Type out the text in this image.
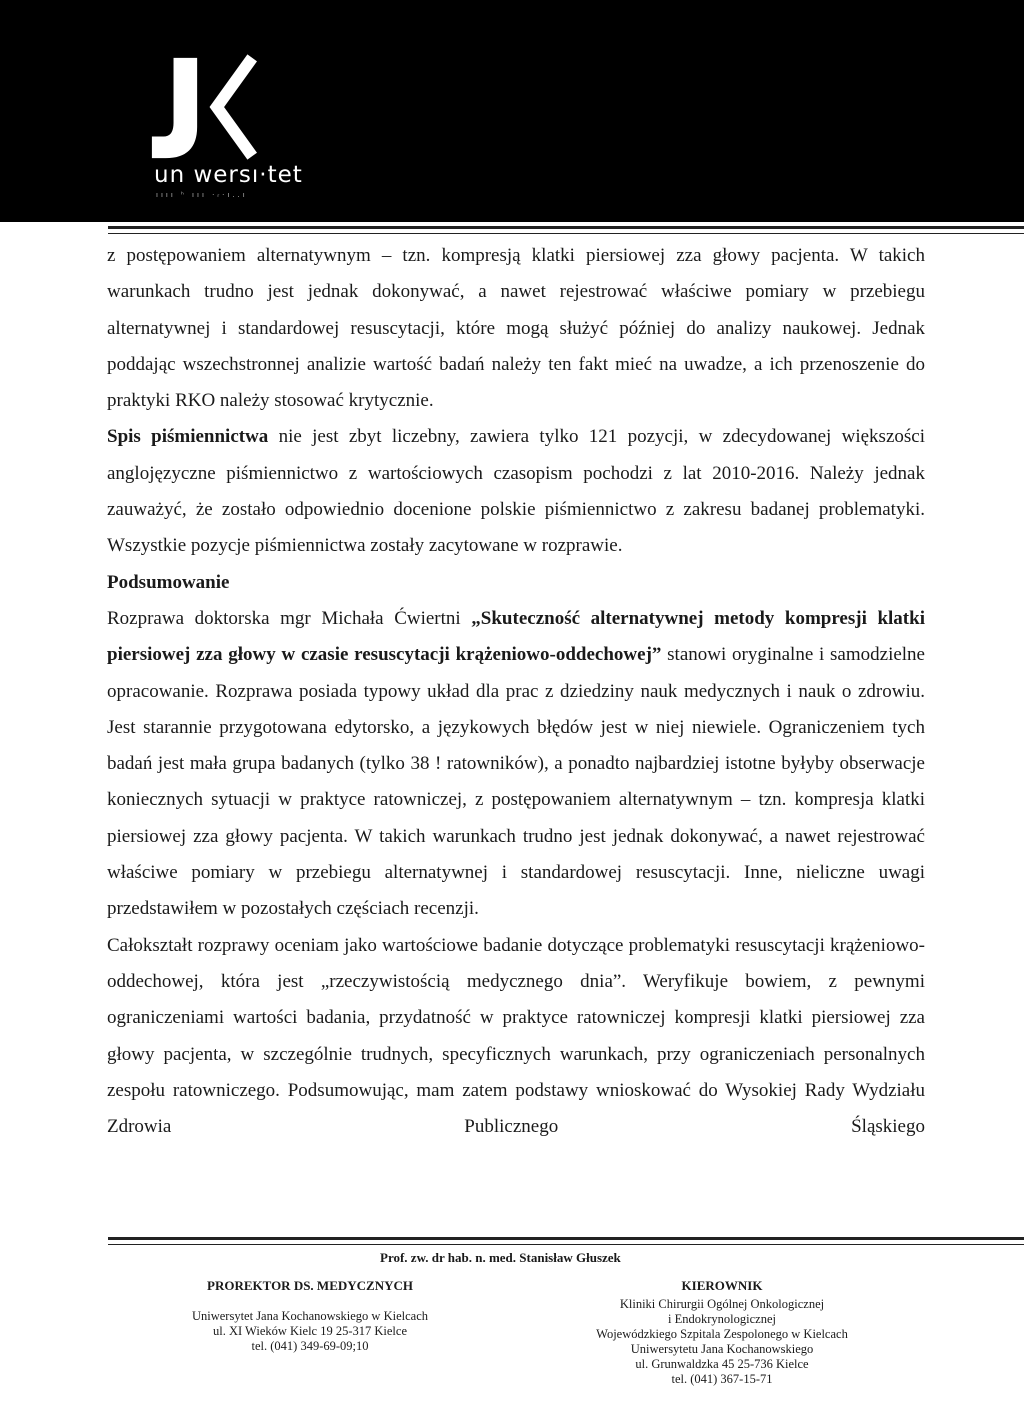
un wersı·tet
ıııı ʰ ııı ·ᵣ·ı..ı

z postępowaniem alternatywnym – tzn. kompresją klatki piersiowej zza głowy pacjenta. W takich warunkach trudno jest jednak dokonywać, a nawet rejestrować właściwe pomiary w przebiegu alternatywnej i standardowej resuscytacji, które mogą służyć później do analizy naukowej. Jednak poddając wszechstronnej analizie wartość badań należy ten fakt mieć na uwadze, a ich przenoszenie do praktyki RKO należy stosować krytycznie.

Spis piśmiennictwa nie jest zbyt liczebny, zawiera tylko 121 pozycji, w zdecydowanej większości anglojęzyczne piśmiennictwo z wartościowych czasopism pochodzi z lat 2010-2016. Należy jednak zauważyć, że zostało odpowiednio docenione polskie piśmiennictwo z zakresu badanej problematyki. Wszystkie pozycje piśmiennictwa zostały zacytowane w rozprawie.

Podsumowanie

Rozprawa doktorska mgr Michała Ćwiertni „Skuteczność alternatywnej metody kompresji klatki piersiowej zza głowy w czasie resuscytacji krążeniowo-oddechowej” stanowi oryginalne i samodzielne opracowanie. Rozprawa posiada typowy układ dla prac z dziedziny nauk medycznych i nauk o zdrowiu. Jest starannie przygotowana edytorsko, a językowych błędów jest w niej niewiele. Ograniczeniem tych badań jest mała grupa badanych (tylko 38 ! ratowników), a ponadto najbardziej istotne byłyby obserwacje koniecznych sytuacji w praktyce ratowniczej, z postępowaniem alternatywnym – tzn. kompresja klatki piersiowej zza głowy pacjenta. W takich warunkach trudno jest jednak dokonywać, a nawet rejestrować właściwe pomiary w przebiegu alternatywnej i standardowej resuscytacji. Inne, nieliczne uwagi przedstawiłem w pozostałych częściach recenzji.

Całokształt rozprawy oceniam jako wartościowe badanie dotyczące problematyki resuscytacji krążeniowo-oddechowej, która jest „rzeczywistością medycznego dnia”. Weryfikuje bowiem, z pewnymi ograniczeniami wartości badania, przydatność w praktyce ratowniczej kompresji klatki piersiowej zza głowy pacjenta, w szczególnie trudnych, specyficznych warunkach, przy ograniczeniach personalnych zespołu ratowniczego. Podsumowując, mam zatem podstawy wnioskować do Wysokiej Rady Wydziału Zdrowia Publicznego Śląskiego

Prof. zw. dr hab. n. med. Stanisław Głuszek
PROREKTOR DS. MEDYCZNYCH
Uniwersytet Jana Kochanowskiego w Kielcach
ul. XI Wieków Kielc 19 25-317 Kielce
tel. (041) 349-69-09;10
KIEROWNIK
Kliniki Chirurgii Ogólnej Onkologicznej
i Endokrynologicznej
Wojewódzkiego Szpitala Zespolonego w Kielcach
Uniwersytetu Jana Kochanowskiego
ul. Grunwaldzka 45 25-736 Kielce
tel. (041) 367-15-71
